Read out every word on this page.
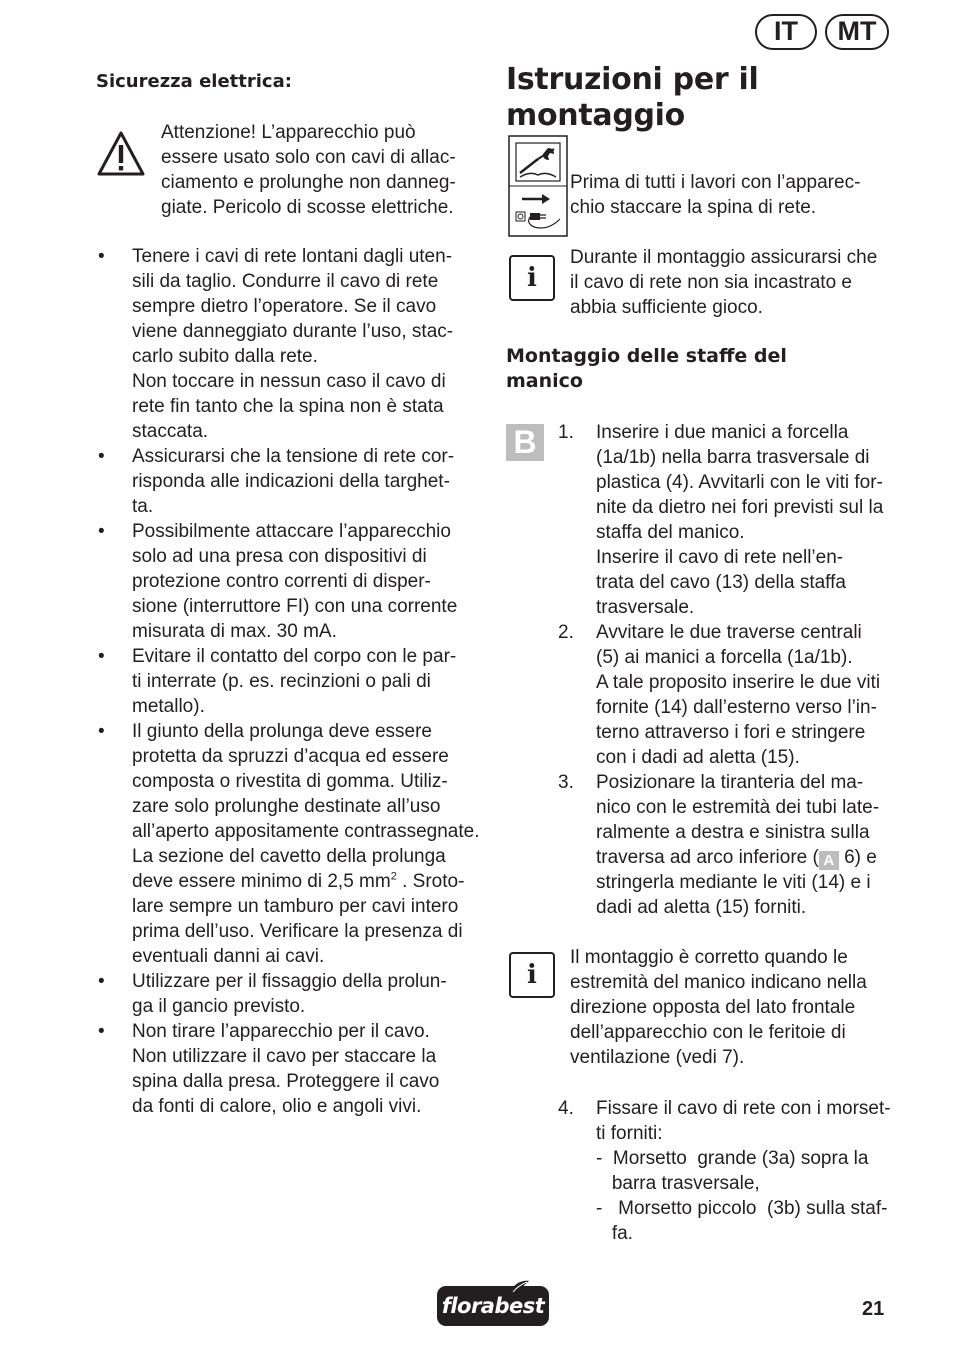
IT	MT
Sicurezza elettrica:
Attenzione! L’apparecchio può
essere usato solo con cavi di allac-
ciamento e prolunghe non danneg-
giate. Pericolo di scosse elettriche.
• Tenere i cavi di rete lontani dagli uten-
sili da taglio. Condurre il cavo di rete
sempre dietro l’operatore. Se il cavo
viene danneggiato durante l’uso, stac-
carlo subito dalla rete.
Non toccare in nessun caso il cavo di
rete fin tanto che la spina non è stata
staccata.
• Assicurarsi che la tensione di rete cor-
risponda alle indicazioni della targhet-
ta.
• Possibilmente attaccare l’apparecchio
solo ad una presa con dispositivi di
protezione contro correnti di disper-
sione (interruttore FI) con una corrente
misurata di max. 30 mA.
• Evitare il contatto del corpo con le par-
ti interrate (p. es. recinzioni o pali di
metallo).
• Il giunto della prolunga deve essere
protetta da spruzzi d’acqua ed essere
composta o rivestita di gomma. Utiliz-
zare solo prolunghe destinate all’uso
all’aperto appositamente contrassegnate.
La sezione del cavetto della prolunga
deve essere minimo di 2,5 $mm^2$ . Sroto-
lare sempre un tamburo per cavi intero
prima dell’uso. Verificare la presenza di
eventuali danni ai cavi.
• Utilizzare per il fissaggio della prolun-
ga il gancio previsto.
• Non tirare l’apparecchio per il cavo.
Non utilizzare il cavo per staccare la
spina dalla presa. Proteggere il cavo
da fonti di calore, olio e angoli vivi.
Istruzioni per il
montaggio
Prima di tutti i lavori con l’apparec-
chio staccare la spina di rete.
i
Durante il montaggio assicurarsi che
il cavo di rete non sia incastrato e
abbia sufficiente gioco.
Montaggio delle staffe del
manico
B	1. Inserire i due manici a forcella
(1a/1b) nella barra trasversale di
plastica (4). Avvitarli con le viti for-
nite da dietro nei fori previsti sul la
staffa del manico.
Inserire il cavo di rete nell’en-
trata del cavo (13) della staffa
trasversale.
2. Avvitare le due traverse centrali
(5) ai manici a forcella (1a/1b).
A tale proposito inserire le due viti
fornite (14) dall’esterno verso l’in-
terno attraverso i fori e stringere
con i dadi ad aletta (15).
3. Posizionare la tiranteria del ma-
nico con le estremità dei tubi late-
ralmente a destra e sinistra sulla
traversa ad arco inferiore ( A 6) e
stringerla mediante le viti (14) e i
dadi ad aletta (15) forniti.
i
Il montaggio è corretto quando le
estremità del manico indicano nella
direzione opposta del lato frontale
dell’apparecchio con le feritoie di
ventilazione (vedi 7).
4. Fissare il cavo di rete con i morset-
ti forniti:
-  Morsetto  grande (3a) sopra la
barra trasversale,
-   Morsetto piccolo  (3b) sulla staf-
fa.
florabest	21
